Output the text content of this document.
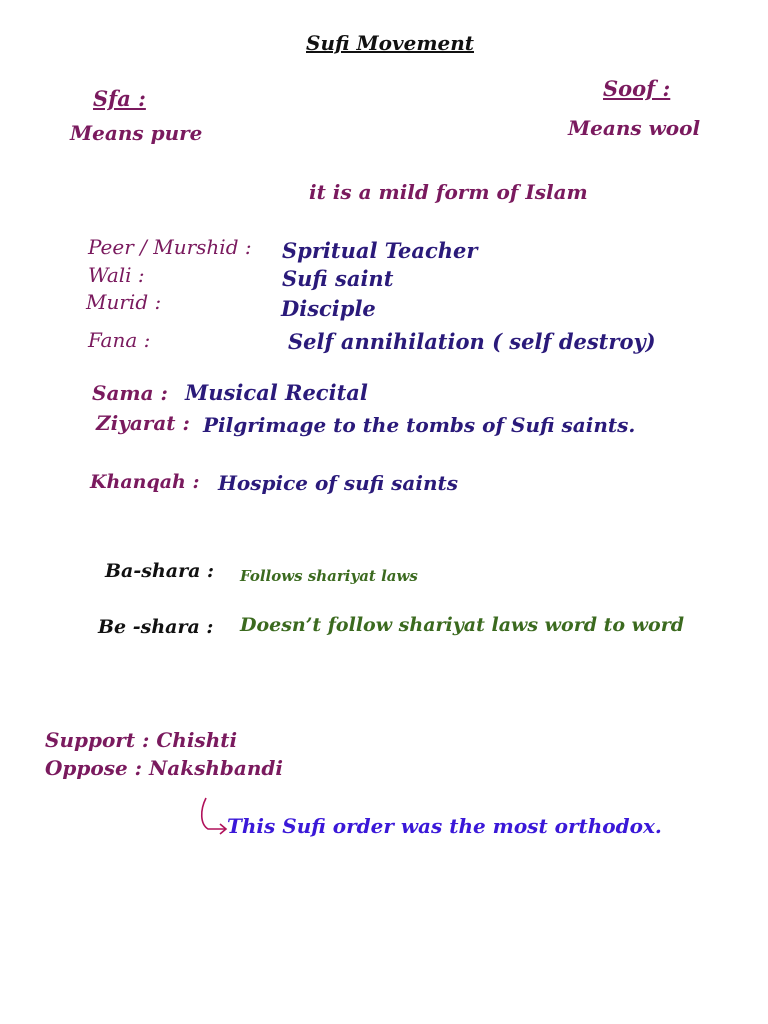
Sufi Movement
Sfa :
Means pure
Soof :
Means wool
it is a mild form of Islam
Peer / Murshid : Spritual Teacher
Wali :	Sufi saint
Murid :	Disciple
Fana :	Self annihilation ( self destroy)
Sama : Musical Recital
Ziyarat : Pilgrimage to the tombs of Sufi saints.
Khanqah : Hospice of sufi saints
Ba-shara : Follows shariyat laws
Be -shara : Doesn’t follow shariyat laws word to word
Support : Chishti
Oppose : Nakshbandi
This Sufi order was the most orthodox.
